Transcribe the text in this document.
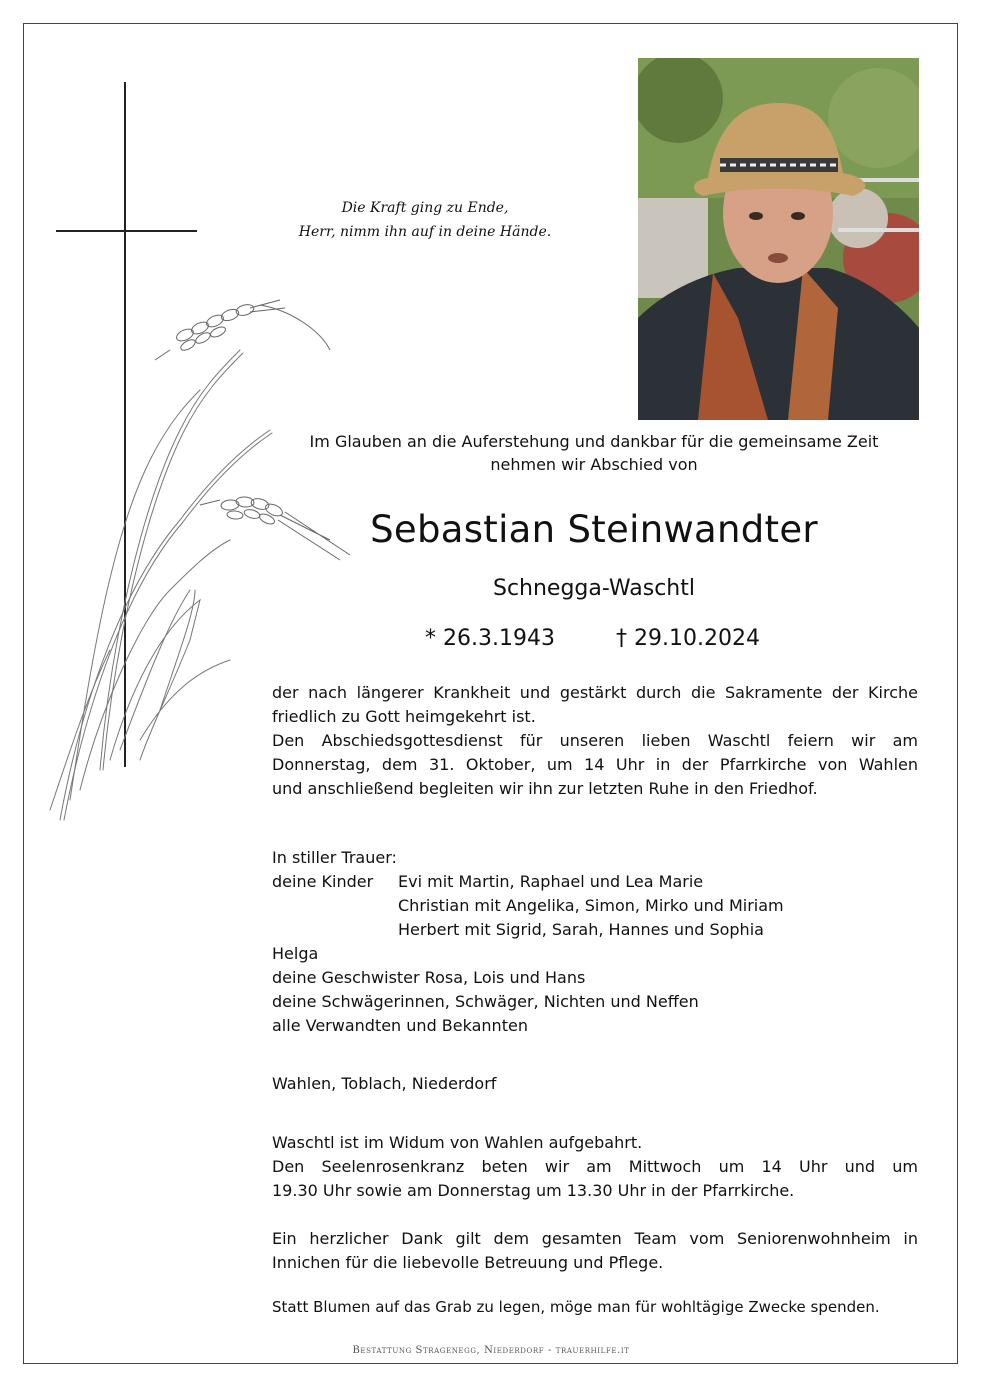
Die Kraft ging zu Ende,
Herr, nimm ihn auf in deine Hände.
Im Glauben an die Auferstehung und dankbar für die gemeinsame Zeit
nehmen wir Abschied von
Sebastian Steinwandter
Schnegga-Waschtl
* 26.3.1943	† 29.10.2024
der nach längerer Krankheit und gestärkt durch die Sakramente der Kirche
friedlich zu Gott heimgekehrt ist.
Den Abschiedsgottesdienst für unseren lieben Waschtl feiern wir am
Donnerstag, dem 31. Oktober, um 14 Uhr in der Pfarrkirche von Wahlen
und anschließend begleiten wir ihn zur letzten Ruhe in den Friedhof.
In stiller Trauer:
deine Kinder Evi mit Martin, Raphael und Lea Marie
Christian mit Angelika, Simon, Mirko und Miriam
Herbert mit Sigrid, Sarah, Hannes und Sophia
Helga
deine Geschwister Rosa, Lois und Hans
deine Schwägerinnen, Schwäger, Nichten und Neffen
alle Verwandten und Bekannten
Wahlen, Toblach, Niederdorf
Waschtl ist im Widum von Wahlen aufgebahrt.
Den Seelenrosenkranz beten wir am Mittwoch um 14 Uhr und um
19.30 Uhr sowie am Donnerstag um 13.30 Uhr in der Pfarrkirche.
Ein herzlicher Dank gilt dem gesamten Team vom Seniorenwohnheim in
Innichen für die liebevolle Betreuung und Pflege.
Statt Blumen auf das Grab zu legen, möge man für wohltägige Zwecke spenden.
Bestattung Stragenegg, Niederdorf - trauerhilfe.it
